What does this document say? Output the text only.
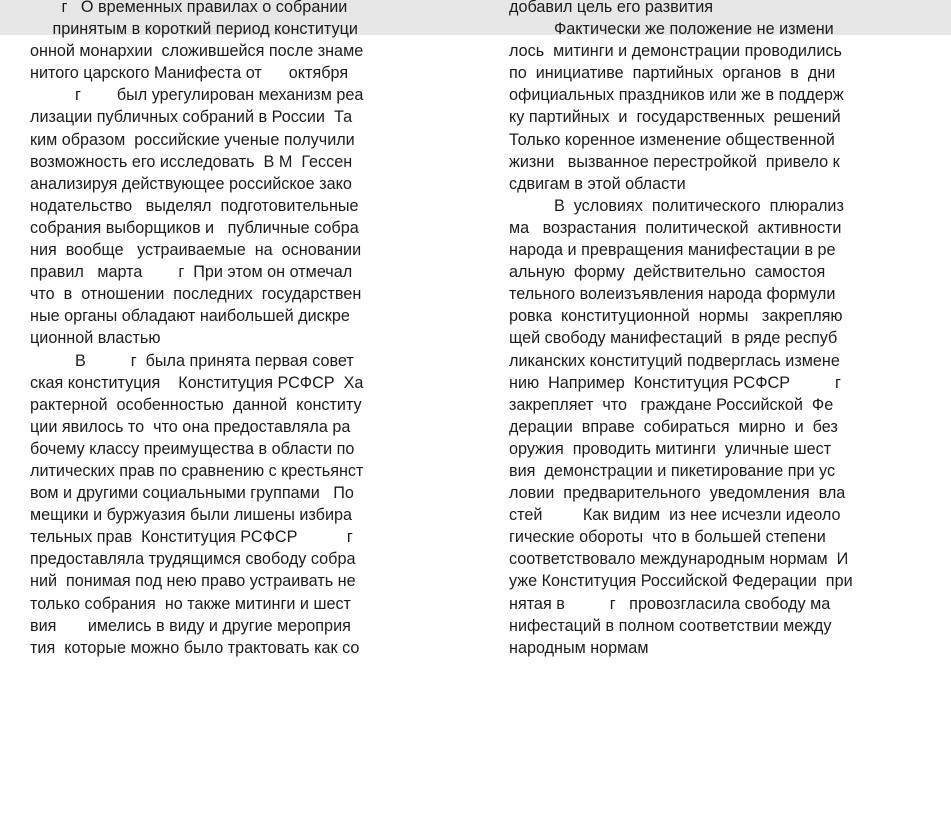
г   О временных правилах о собрании
принятым в короткий период конституци
онной монархии  сложившейся после знаме
нитого царского Манифеста от      октября
г        был урегулирован механизм реа
лизации публичных собраний в России  Та
ким образом  российские ученые получили
возможность его исследовать  В М  Гессен
анализируя действующее российское зако
нодательство   выделял  подготовительные
собрания выборщиков и   публичные собра
ния  вообще   устраиваемые  на  основании
правил   марта        г  При этом он отмечал
что  в  отношении  последних  государствен
ные органы обладают наибольшей дискре
ционной властью
В          г  была принята первая совет
ская конституция    Конституция РСФСР  Ха
рактерной  особенностью  данной  конститу
ции явилось то  что она предоставляла ра
бочему классу преимущества в области по
литических прав по сравнению с крестьянст
вом и другими социальными группами   По
мещики и буржуазия были лишены избира
тельных прав  Конституция РСФСР           г
предоставляла трудящимся свободу собра
ний  понимая под нею право устраивать не
только собрания  но также митинги и шест
вия       имелись в виду и другие мероприя
тия  которые можно было трактовать как со
добавил цель его развития
Фактически же положение не измени
лось  митинги и демонстрации проводились
по  инициативе  партийных  органов  в  дни
официальных праздников или же в поддерж
ку партийных  и  государственных  решений
Только коренное изменение общественной
жизни   вызванное перестройкой  привело к
сдвигам в этой области
В  условиях  политического  плюрализ
ма   возрастания  политической  активности
народа и превращения манифестации в ре
альную  форму  действительно  самостоя
тельного волеизъявления народа формули
ровка  конституционной  нормы   закрепляю
щей свободу манифестаций  в ряде респуб
ликанских конституций подверглась измене
нию  Например  Конституция РСФСР          г
закрепляет  что   граждане Российской  Фе
дерации  вправе  собираться  мирно  и  без
оружия  проводить митинги  уличные шест
вия  демонстрации и пикетирование при ус
ловии  предварительного  уведомления  вла
стей         Как видим  из нее исчезли идеоло
гические обороты  что в большей степени
соответствовало международным нормам  И
уже Конституция Российской Федерации  при
нятая в          г   провозгласила свободу ма
нифестаций в полном соответствии между
народным нормам
